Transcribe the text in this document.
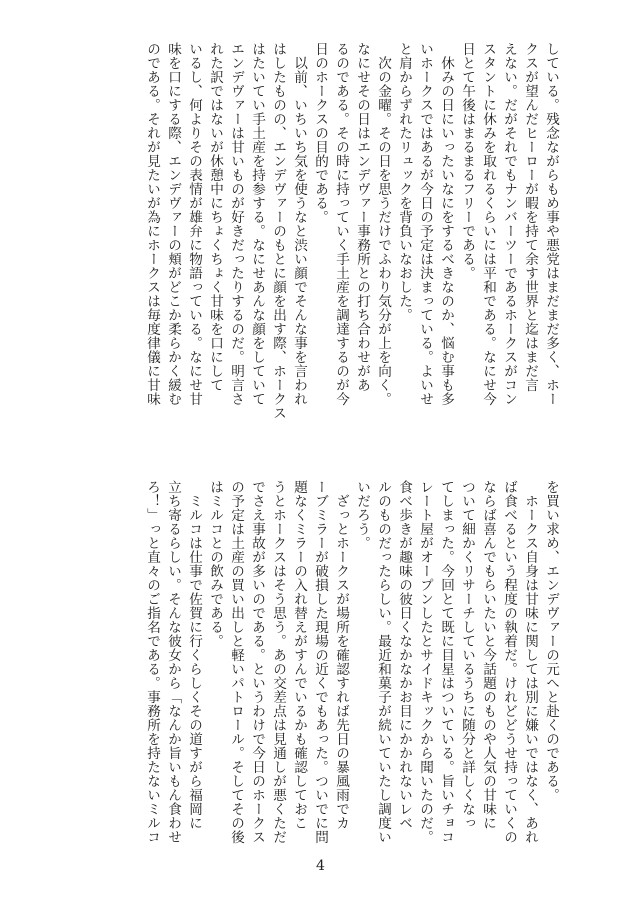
している。残念ながらもめ事や悪党はまだまだ多く、ホー
クスが望んだヒーローが暇を持て余す世界と迄はまだ言
えない。だがそれでもナンバーツーであるホークスがコン
スタントに休みを取れるくらいには平和である。なにせ今
日とて午後はまるまるフリーである。
　休みの日にいったいなにをするべきなのか、悩む事も多
いホークスではあるが今日の予定は決まっている。よいせ
と肩からずれたリュックを背負いなおした。
　次の金曜。その日を思うだけでふわり気分が上を向く。
なにせその日はエンデヴァー事務所との打ち合わせがあ
るのである。その時に持っていく手土産を調達するのが今
日のホークスの目的である。
　以前、いちいち気を使うなと渋い顔でそんな事を言われ
はしたものの、エンデヴァーのもとに顔を出す際、ホークス
はたいてい手土産を持参する。なにせあんな顔をしていて
エンデヴァーは甘いものが好きだったりするのだ。明言さ
れた訳ではないが休憩中にちょくちょく甘味を口にして
いるし、何よりその表情が雄弁に物語っている。なにせ甘
味を口にする際、エンデヴァーの頬がどこか柔らかく緩む
のである。それが見たいが為にホークスは毎度律儀に甘味
を買い求め、エンデヴァーの元へと赴くのである。
　ホークス自身は甘味に関しては別に嫌いではなく、あれ
ば食べるという程度の執着だ。けれどどうせ持っていくの
ならば喜んでもらいたいと今話題のものや人気の甘味に
ついて細かくリサーチしているうちに随分と詳しくなっ
てしまった。今回とて既に目星はついている。旨いチョコ
レート屋がオープンしたとサイドキックから聞いたのだ。
食べ歩きが趣味の彼日くなかなかお目にかかれないレベ
ルのものだったらしい。最近和菓子が続いていたし調度い
いだろう。
　ざっとホークスが場所を確認すれば先日の暴風雨でカ
ーブミラーが破損した現場の近くでもあった。ついでに問
題なくミラーの入れ替えがすんでいるかも確認しておこ
うとホークスはそう思う。あの交差点は見通しが悪くただ
でさえ事故が多いのである。というわけで今日のホークス
の予定は土産の買い出しと軽いパトロール。そしてその後
はミルコとの飲みである。
　ミルコは仕事で佐賀に行くらしくその道すがら福岡に
立ち寄るらしい。そんな彼女から「なんか旨いもん食わせ
ろ！」っと直々のご指名である。事務所を持たないミルコ
4
